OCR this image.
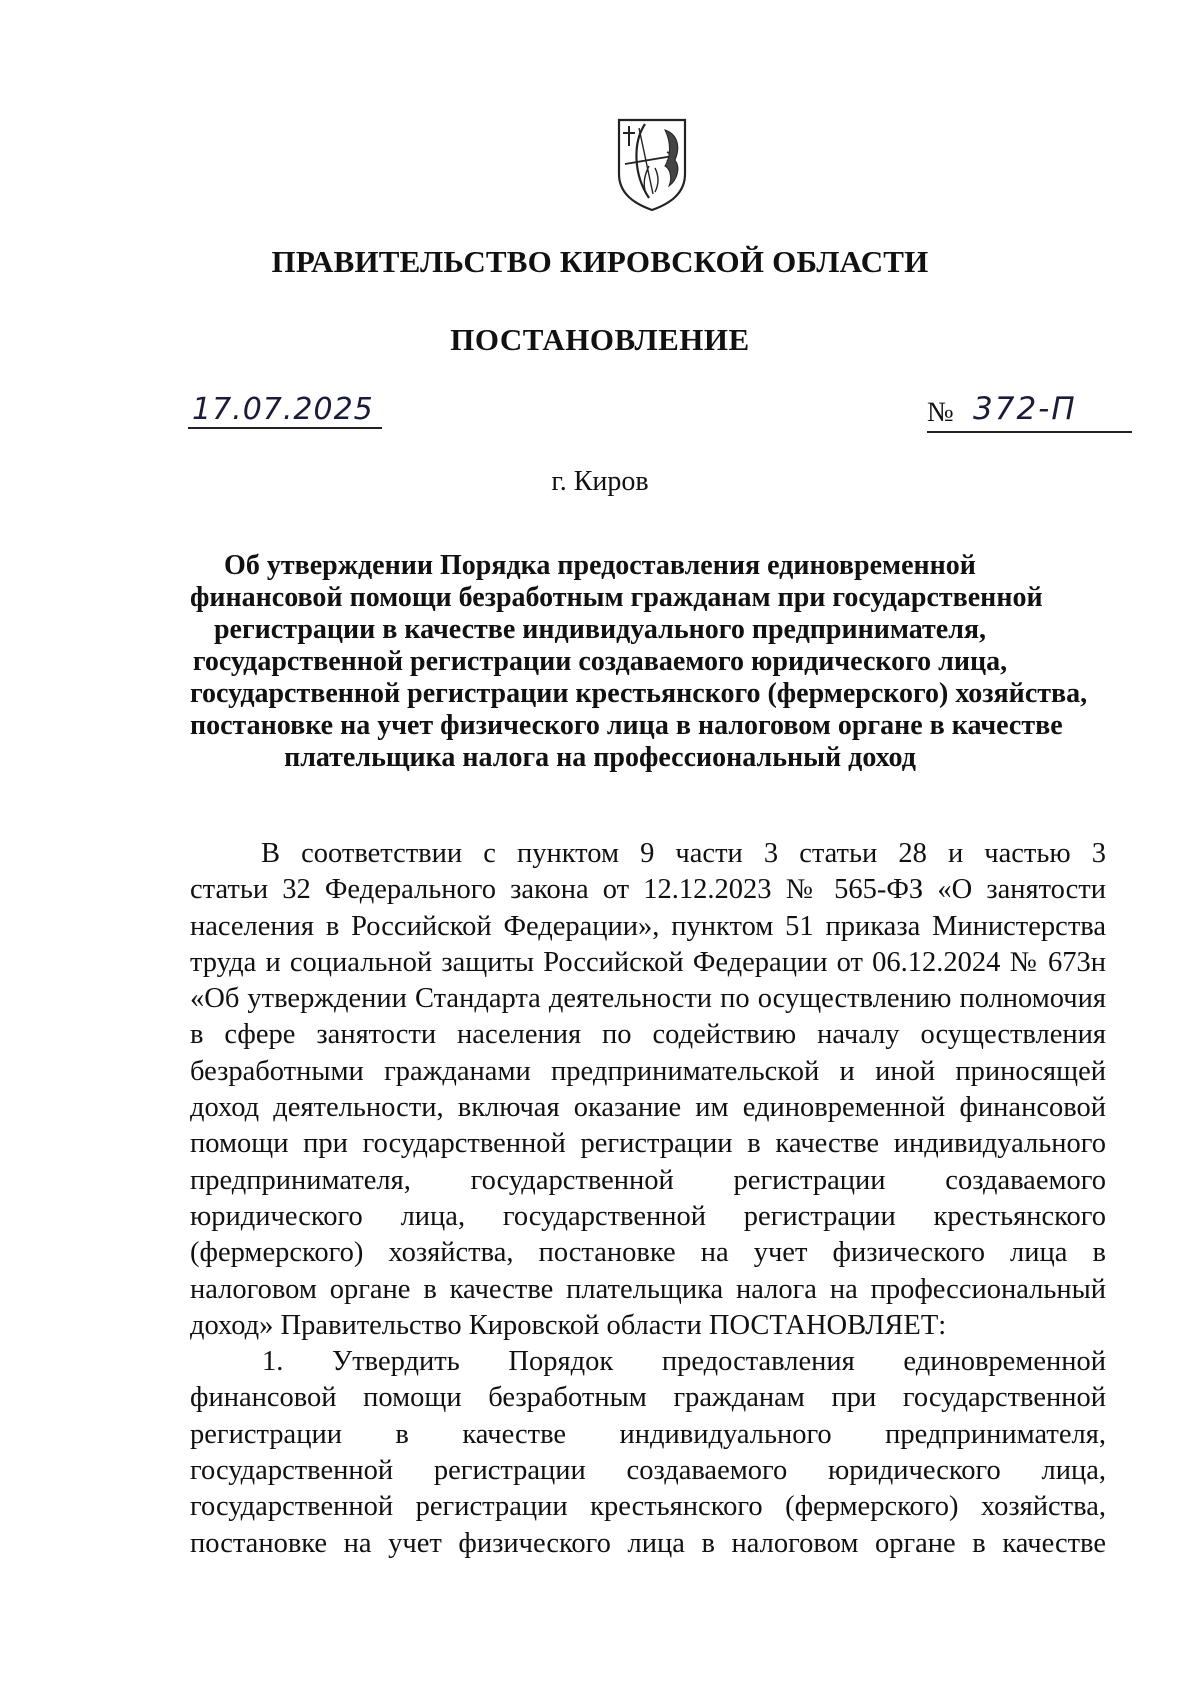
ПРАВИТЕЛЬСТВО КИРОВСКОЙ ОБЛАСТИ
ПОСТАНОВЛЕНИЕ
17.07.2025	№ 372-П
г. Киров
Об утверждении Порядка предоставления единовременной
финансовой помощи безработным гражданам при государственной
регистрации в качестве индивидуального предпринимателя,
государственной регистрации создаваемого юридического лица,
государственной регистрации крестьянского (фермерского) хозяйства,
постановке на учет физического лица в налоговом органе в качестве
плательщика налога на профессиональный доход
В соответствии с пунктом 9 части 3 статьи 28 и частью 3
статьи 32 Федерального закона от 12.12.2023 № 565-ФЗ «О занятости
населения в Российской Федерации», пунктом 51 приказа Министерства
труда и социальной защиты Российской Федерации от 06.12.2024 № 673н
«Об утверждении Стандарта деятельности по осуществлению полномочия
в сфере занятости населения по содействию началу осуществления
безработными гражданами предпринимательской и иной приносящей
доход деятельности, включая оказание им единовременной финансовой
помощи при государственной регистрации в качестве индивидуального
предпринимателя, государственной регистрации создаваемого
юридического лица, государственной регистрации крестьянского
(фермерского) хозяйства, постановке на учет физического лица в
налоговом органе в качестве плательщика налога на профессиональный
доход» Правительство Кировской области ПОСТАНОВЛЯЕТ:
1. Утвердить Порядок предоставления единовременной
финансовой помощи безработным гражданам при государственной
регистрации в качестве индивидуального предпринимателя,
государственной регистрации создаваемого юридического лица,
государственной регистрации крестьянского (фермерского) хозяйства,
постановке на учет физического лица в налоговом органе в качестве
